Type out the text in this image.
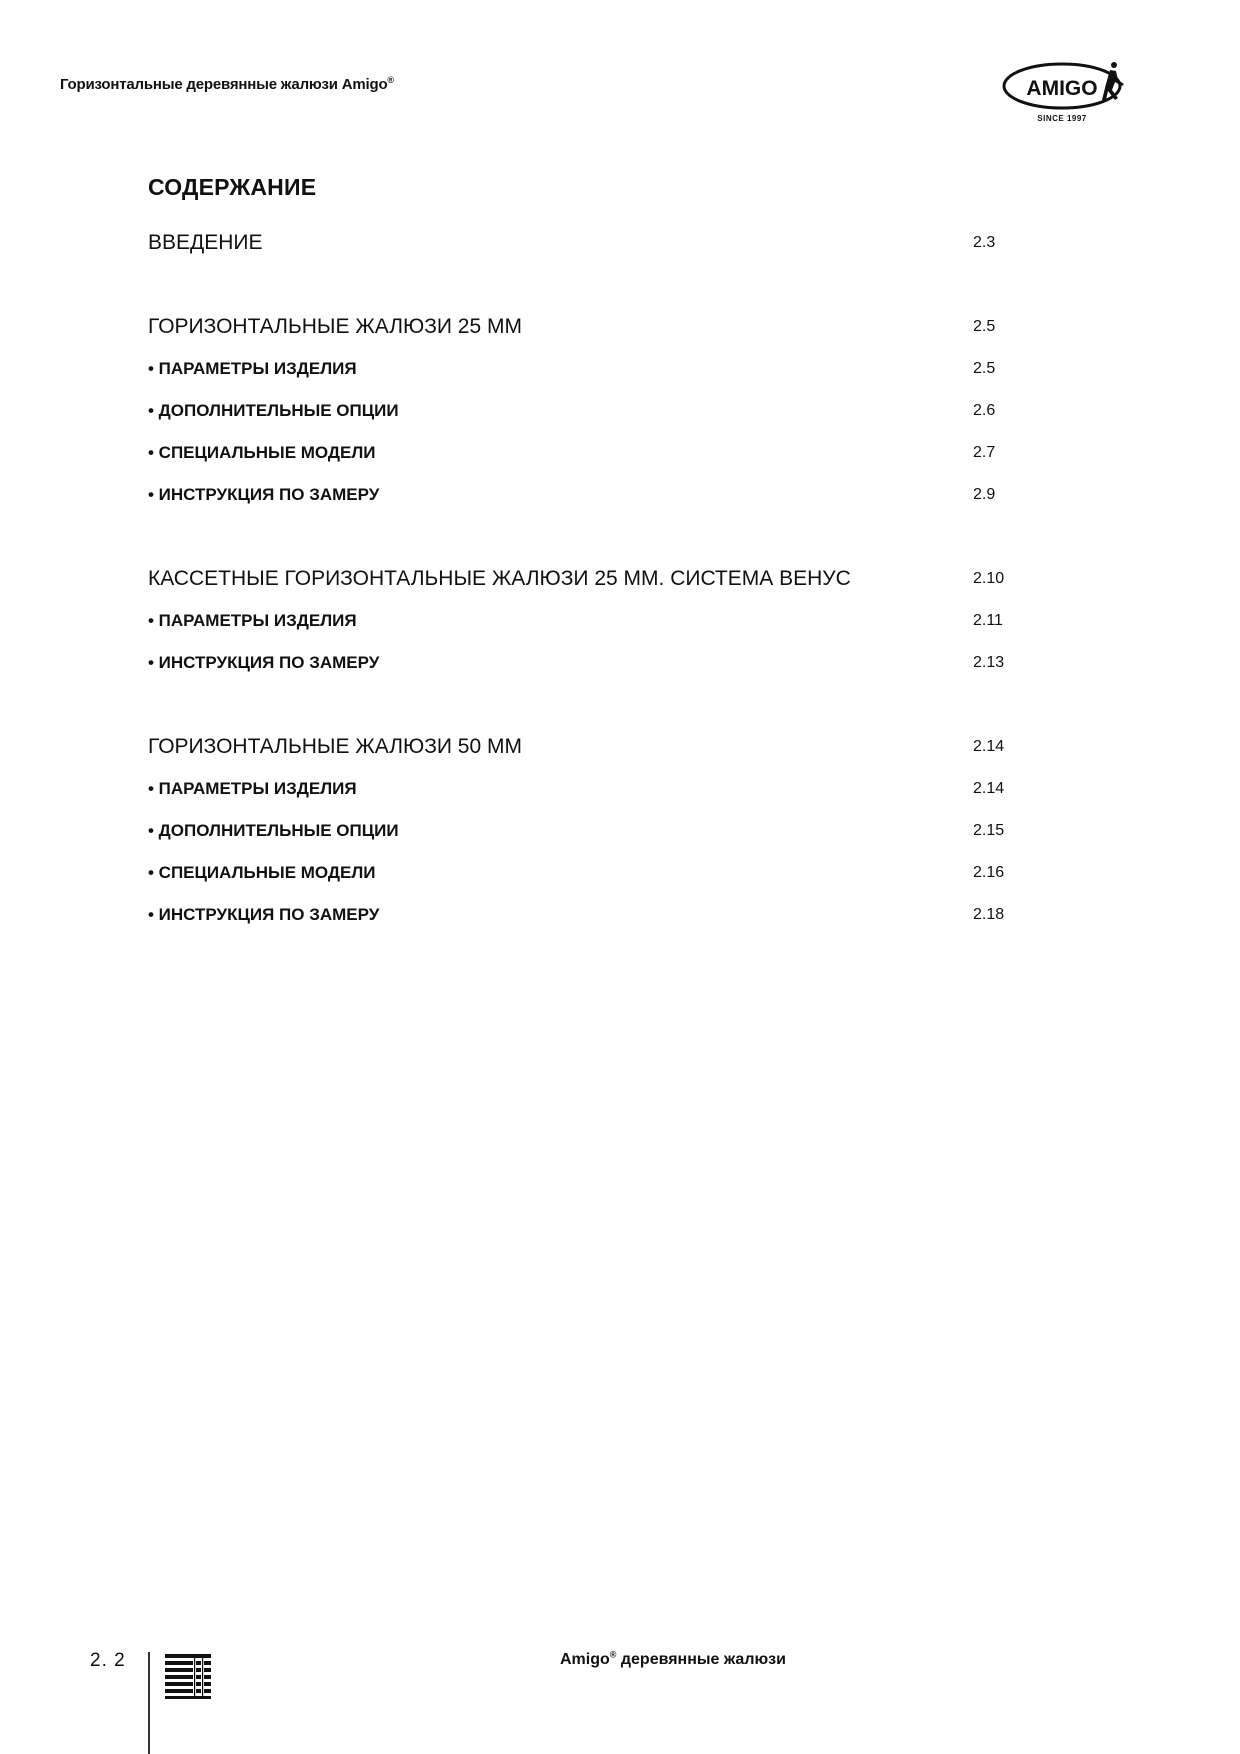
Горизонтальные деревянные жалюзи Amigo®	AMIGO
SINCE 1997
СОДЕРЖАНИЕ
ВВЕДЕНИЕ	2.3
ГОРИЗОНТАЛЬНЫЕ ЖАЛЮЗИ 25 ММ	2.5
• ПАРАМЕТРЫ ИЗДЕЛИЯ	2.5
• ДОПОЛНИТЕЛЬНЫЕ ОПЦИИ	2.6
• СПЕЦИАЛЬНЫЕ МОДЕЛИ	2.7
• ИНСТРУКЦИЯ ПО ЗАМЕРУ	2.9
КАССЕТНЫЕ ГОРИЗОНТАЛЬНЫЕ ЖАЛЮЗИ 25 ММ. СИСТЕМА ВЕНУС	2.10
• ПАРАМЕТРЫ ИЗДЕЛИЯ	2.11
• ИНСТРУКЦИЯ ПО ЗАМЕРУ	2.13
ГОРИЗОНТАЛЬНЫЕ ЖАЛЮЗИ 50 ММ	2.14
• ПАРАМЕТРЫ ИЗДЕЛИЯ	2.14
• ДОПОЛНИТЕЛЬНЫЕ ОПЦИИ	2.15
• СПЕЦИАЛЬНЫЕ МОДЕЛИ	2.16
• ИНСТРУКЦИЯ ПО ЗАМЕРУ	2.18
2. 2	Amigo® деревянные жалюзи
